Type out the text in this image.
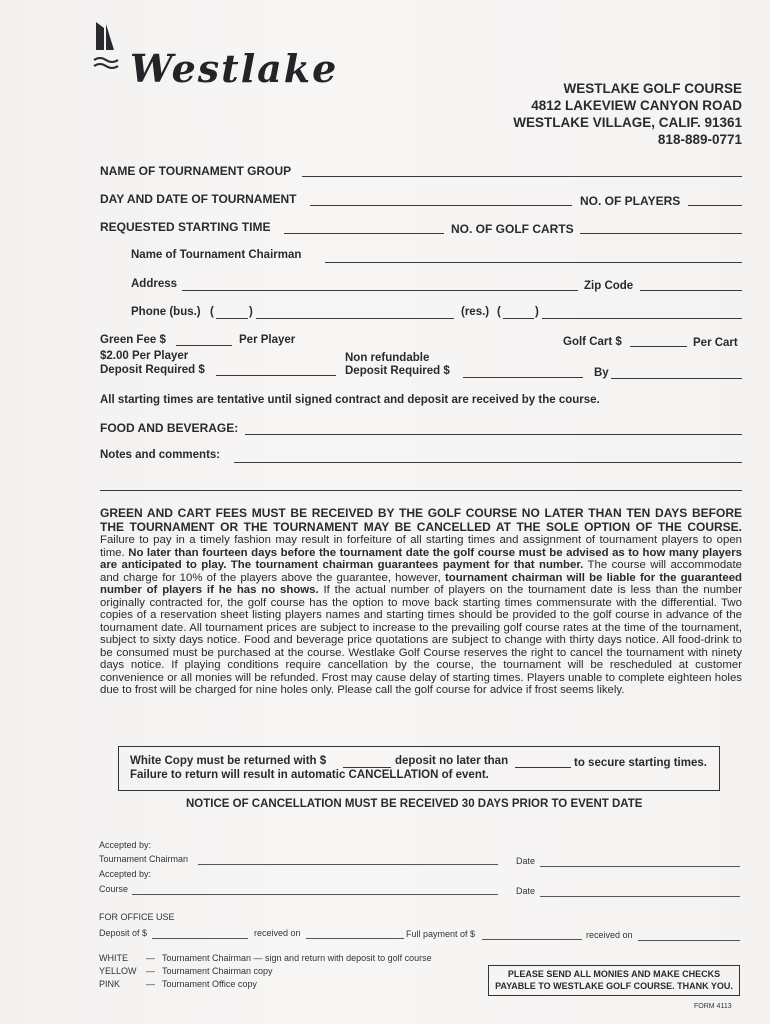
Westlake	WESTLAKE GOLF COURSE
4812 LAKEVIEW CANYON ROAD
WESTLAKE VILLAGE, CALIF. 91361
818-889-0771
NAME OF TOURNAMENT GROUP
DAY AND DATE OF TOURNAMENT	NO. OF PLAYERS
REQUESTED STARTING TIME	NO. OF GOLF CARTS
Name of Tournament Chairman
Address	Zip Code
Phone (bus.) (	)	(res.) (	)
Green Fee $	Per Player	Golf Cart $	Per Cart
$2.00 Per Player
Deposit Required $
Non refundable
Deposit Required $	By
All starting times are tentative until signed contract and deposit are received by the course.
FOOD AND BEVERAGE:
Notes and comments:
GREEN AND CART FEES MUST BE RECEIVED BY THE GOLF COURSE NO LATER THAN TEN DAYS BEFORE THE TOURNAMENT OR THE TOURNAMENT MAY BE CANCELLED AT THE SOLE OPTION OF THE COURSE. Failure to pay in a timely fashion may result in forfeiture of all starting times and assignment of tournament players to open time. No later than fourteen days before the tournament date the golf course must be advised as to how many players are anticipated to play. The tournament chairman guarantees payment for that number. The course will accommodate and charge for 10% of the players above the guarantee, however, tournament chairman will be liable for the guaranteed number of players if he has no shows. If the actual number of players on the tournament date is less than the number originally contracted for, the golf course has the option to move back starting times commensurate with the differential. Two copies of a reservation sheet listing players names and starting times should be provided to the golf course in advance of the tournament date. All tournament prices are subject to increase to the prevailing golf course rates at the time of the tournament, subject to sixty days notice. Food and beverage price quotations are subject to change with thirty days notice. All food-drink to be consumed must be purchased at the course. Westlake Golf Course reserves the right to cancel the tournament with ninety days notice. If playing conditions require cancellation by the course, the tournament will be rescheduled at customer convenience or all monies will be refunded. Frost may cause delay of starting times. Players unable to complete eighteen holes due to frost will be charged for nine holes only. Please call the golf course for advice if frost seems likely.
White Copy must be returned with $	deposit no later than	to secure starting times.
Failure to return will result in automatic CANCELLATION of event.
NOTICE OF CANCELLATION MUST BE RECEIVED 30 DAYS PRIOR TO EVENT DATE
Accepted by:
Tournament Chairman	Date
Accepted by:
Course	Date
FOR OFFICE USE
Deposit of $	received on	Full payment of $	received on
WHITE — Tournament Chairman — sign and return with deposit to golf course
YELLOW — Tournament Chairman copy
PINK	— Tournament Office copy
PLEASE SEND ALL MONIES AND MAKE CHECKS
PAYABLE TO WESTLAKE GOLF COURSE. THANK YOU.
FORM 4113
